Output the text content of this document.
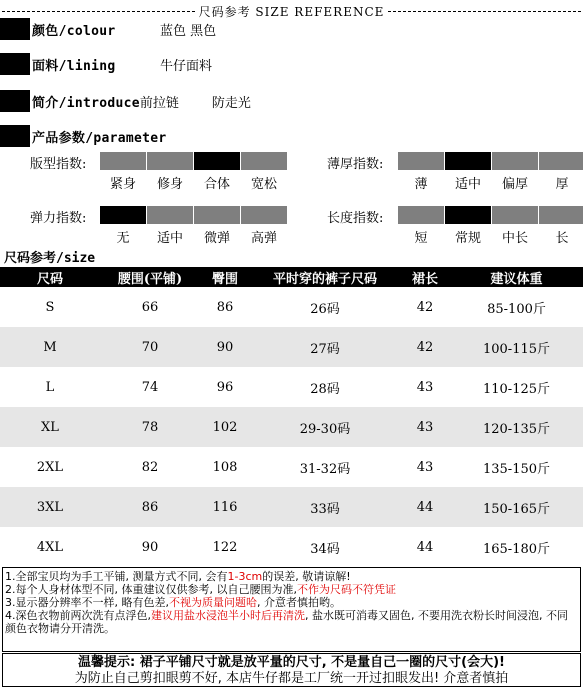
尺码参考 SIZE REFERENCE
颜色/colour	蓝色 黑色
面料/lining	牛仔面料
简介/introduce 前拉链        防走光
产品参数/parameter
版型指数:
紧身 修身 合体 宽松
薄厚指数:
薄 适中 偏厚 厚
弹力指数:
无 适中 微弹 高弹
长度指数:
短 常规 中长 长
尺码参考/size
尺码	腰围(平铺)	臀围	平时穿的裤子尺码	裙长	建议体重
S	66	86	26码	42	85-100斤
M	70	90	27码	42	100-115斤
L	74	96	28码	43	110-125斤
XL	78	102	29-30码	43	120-135斤
2XL	82	108	31-32码	43	135-150斤
3XL	86	116	33码	44	150-165斤
4XL	90	122	34码	44	165-180斤
1.全部宝贝均为手工平铺, 测量方式不同, 会有1-3cm的误差, 敬请谅解!
2.每个人身材体型不同, 体重建议仅供参考, 以自己腰围为准,不作为尺码不符凭证
3.显示器分辨率不一样, 略有色差,不视为质量问题哈, 介意者慎拍哟。
4.深色衣物前两次洗有点浮色,建议用盐水浸泡半小时后再清洗, 盐水既可消毒又固色, 不要用洗衣粉长时间浸泡, 不同颜色衣物请分开清洗。
温馨提示: 裙子平铺尺寸就是放平量的尺寸, 不是量自己一圈的尺寸(会大)!
为防止自己剪扣眼剪不好, 本店牛仔都是工厂统一开过扣眼发出! 介意者慎拍
